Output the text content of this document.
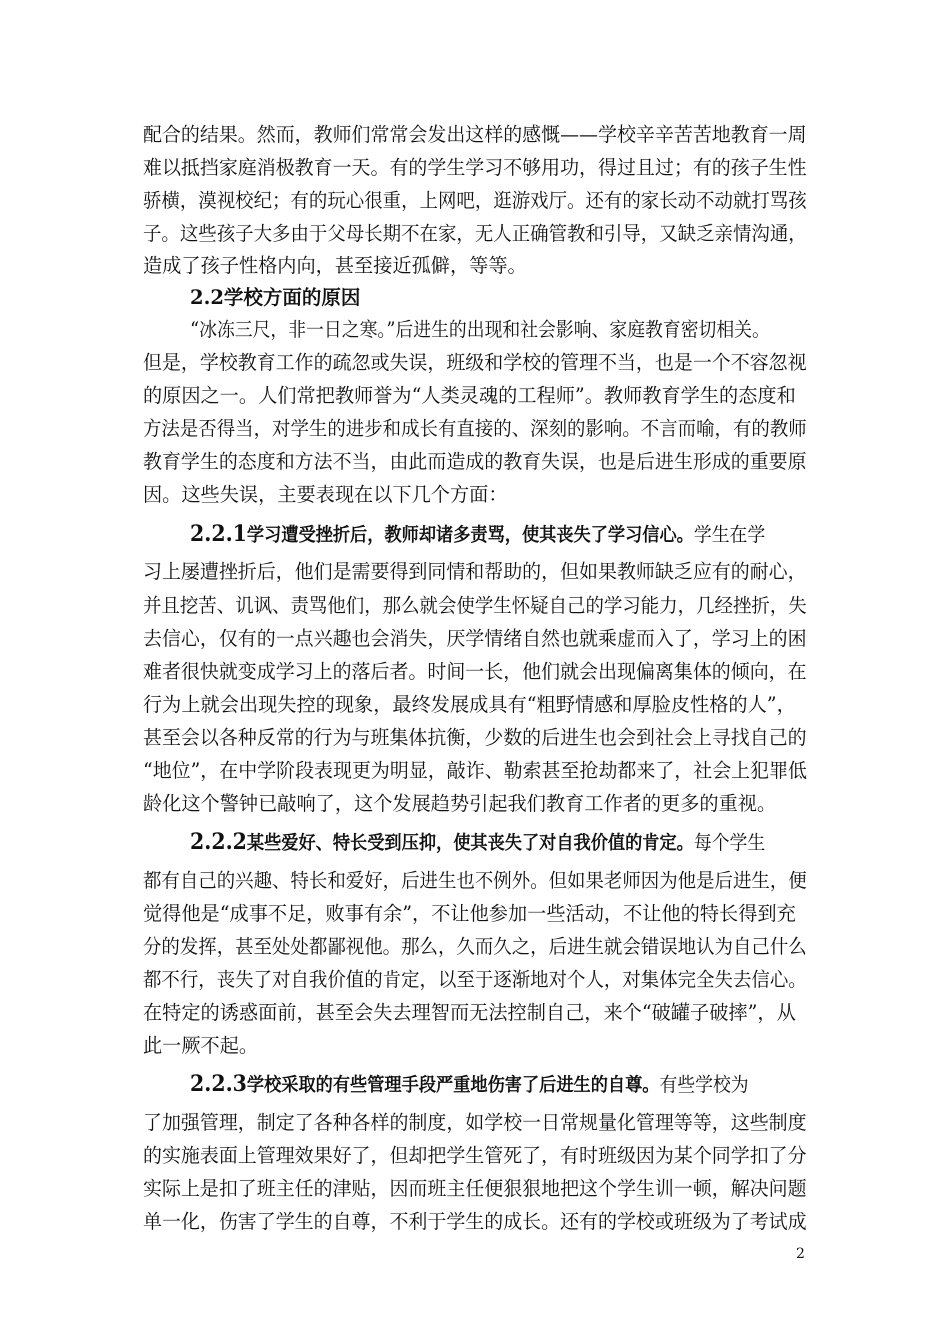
配合的结果。然而，教师们常常会发出这样的感慨——学校辛辛苦苦地教育一周
难以抵挡家庭消极教育一天。有的学生学习不够用功，得过且过；有的孩子生性
骄横，漠视校纪；有的玩心很重，上网吧，逛游戏厅。还有的家长动不动就打骂孩
子。这些孩子大多由于父母长期不在家，无人正确管教和引导，又缺乏亲情沟通，
造成了孩子性格内向，甚至接近孤僻，等等。
2.2学校方面的原因
“冰冻三尺，非一日之寒。”后进生的出现和社会影响、家庭教育密切相关。
但是，学校教育工作的疏忽或失误，班级和学校的管理不当，也是一个不容忽视
的原因之一。人们常把教师誉为“人类灵魂的工程师”。教师教育学生的态度和
方法是否得当，对学生的进步和成长有直接的、深刻的影响。不言而喻，有的教师
教育学生的态度和方法不当，由此而造成的教育失误，也是后进生形成的重要原
因。这些失误，主要表现在以下几个方面：
2.2.1学习遭受挫折后，教师却诸多责骂，使其丧失了学习信心。学生在学
习上屡遭挫折后，他们是需要得到同情和帮助的，但如果教师缺乏应有的耐心，
并且挖苦、讥讽、责骂他们，那么就会使学生怀疑自己的学习能力，几经挫折，失
去信心，仅有的一点兴趣也会消失，厌学情绪自然也就乘虚而入了，学习上的困
难者很快就变成学习上的落后者。时间一长，他们就会出现偏离集体的倾向，在
行为上就会出现失控的现象，最终发展成具有“粗野情感和厚脸皮性格的人”，
甚至会以各种反常的行为与班集体抗衡，少数的后进生也会到社会上寻找自己的
“地位”，在中学阶段表现更为明显，敲诈、勒索甚至抢劫都来了，社会上犯罪低
龄化这个警钟已敲响了，这个发展趋势引起我们教育工作者的更多的重视。
2.2.2某些爱好、特长受到压抑，使其丧失了对自我价值的肯定。每个学生
都有自己的兴趣、特长和爱好，后进生也不例外。但如果老师因为他是后进生，便
觉得他是“成事不足，败事有余”，不让他参加一些活动，不让他的特长得到充
分的发挥，甚至处处都鄙视他。那么，久而久之，后进生就会错误地认为自己什么
都不行，丧失了对自我价值的肯定，以至于逐渐地对个人，对集体完全失去信心。
在特定的诱惑面前，甚至会失去理智而无法控制自己，来个“破罐子破摔”，从
此一厥不起。
2.2.3学校采取的有些管理手段严重地伤害了后进生的自尊。有些学校为
了加强管理，制定了各种各样的制度，如学校一日常规量化管理等等，这些制度
的实施表面上管理效果好了，但却把学生管死了，有时班级因为某个同学扣了分
实际上是扣了班主任的津贴，因而班主任便狠狠地把这个学生训一顿，解决问题
单一化，伤害了学生的自尊，不利于学生的成长。还有的学校或班级为了考试成
2
